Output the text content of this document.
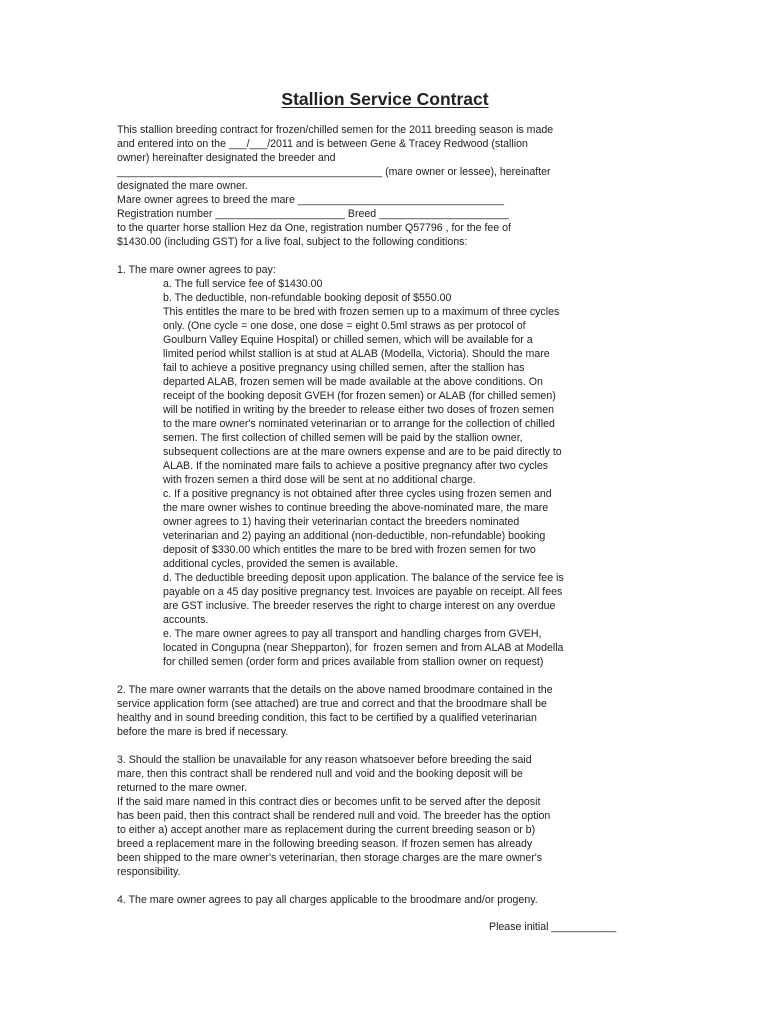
Stallion Service Contract
This stallion breeding contract for frozen/chilled semen for the 2011 breeding season is made
and entered into on the ___/___/2011 and is between Gene & Tracey Redwood (stallion
owner) hereinafter designated the breeder and
_____________________________________________ (mare owner or lessee), hereinafter
designated the mare owner.
Mare owner agrees to breed the mare ___________________________________
Registration number ______________________ Breed ______________________
to the quarter horse stallion Hez da One, registration number Q57796 , for the fee of
$1430.00 (including GST) for a live foal, subject to the following conditions:
1. The mare owner agrees to pay:
a. The full service fee of $1430.00
b. The deductible, non-refundable booking deposit of $550.00
This entitles the mare to be bred with frozen semen up to a maximum of three cycles
only. (One cycle = one dose, one dose = eight 0.5ml straws as per protocol of
Goulburn Valley Equine Hospital) or chilled semen, which will be available for a
limited period whilst stallion is at stud at ALAB (Modella, Victoria). Should the mare
fail to achieve a positive pregnancy using chilled semen, after the stallion has
departed ALAB, frozen semen will be made available at the above conditions. On
receipt of the booking deposit GVEH (for frozen semen) or ALAB (for chilled semen)
will be notified in writing by the breeder to release either two doses of frozen semen
to the mare owner's nominated veterinarian or to arrange for the collection of chilled
semen. The first collection of chilled semen will be paid by the stallion owner,
subsequent collections are at the mare owners expense and are to be paid directly to
ALAB. If the nominated mare fails to achieve a positive pregnancy after two cycles
with frozen semen a third dose will be sent at no additional charge.
c. If a positive pregnancy is not obtained after three cycles using frozen semen and
the mare owner wishes to continue breeding the above-nominated mare, the mare
owner agrees to 1) having their veterinarian contact the breeders nominated
veterinarian and 2) paying an additional (non-deductible, non-refundable) booking
deposit of $330.00 which entitles the mare to be bred with frozen semen for two
additional cycles, provided the semen is available.
d. The deductible breeding deposit upon application. The balance of the service fee is
payable on a 45 day positive pregnancy test. Invoices are payable on receipt. All fees
are GST inclusive. The breeder reserves the right to charge interest on any overdue
accounts.
e. The mare owner agrees to pay all transport and handling charges from GVEH,
located in Congupna (near Shepparton), for  frozen semen and from ALAB at Modella
for chilled semen (order form and prices available from stallion owner on request)
2. The mare owner warrants that the details on the above named broodmare contained in the
service application form (see attached) are true and correct and that the broodmare shall be
healthy and in sound breeding condition, this fact to be certified by a qualified veterinarian
before the mare is bred if necessary.
3. Should the stallion be unavailable for any reason whatsoever before breeding the said
mare, then this contract shall be rendered null and void and the booking deposit will be
returned to the mare owner.
If the said mare named in this contract dies or becomes unfit to be served after the deposit
has been paid, then this contract shall be rendered null and void. The breeder has the option
to either a) accept another mare as replacement during the current breeding season or b)
breed a replacement mare in the following breeding season. If frozen semen has already
been shipped to the mare owner's veterinarian, then storage charges are the mare owner's
responsibility.
4. The mare owner agrees to pay all charges applicable to the broodmare and/or progeny.
Please initial ___________
